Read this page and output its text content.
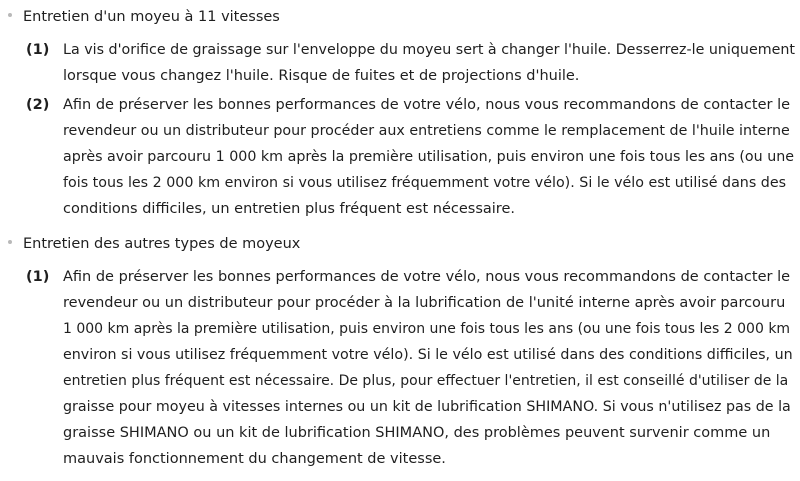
Entretien d'un moyeu à 11 vitesses
(1) La vis d'orifice de graissage sur l'enveloppe du moyeu sert à changer l'huile. Desserrez-le uniquement
lorsque vous changez l'huile. Risque de fuites et de projections d'huile.
(2) Afin de préserver les bonnes performances de votre vélo, nous vous recommandons de contacter le
revendeur ou un distributeur pour procéder aux entretiens comme le remplacement de l'huile interne
après avoir parcouru 1 000 km après la première utilisation, puis environ une fois tous les ans (ou une
fois tous les 2 000 km environ si vous utilisez fréquemment votre vélo). Si le vélo est utilisé dans des
conditions difficiles, un entretien plus fréquent est nécessaire.
Entretien des autres types de moyeux
(1) Afin de préserver les bonnes performances de votre vélo, nous vous recommandons de contacter le
revendeur ou un distributeur pour procéder à la lubrification de l'unité interne après avoir parcouru
1 000 km après la première utilisation, puis environ une fois tous les ans (ou une fois tous les 2 000 km
environ si vous utilisez fréquemment votre vélo). Si le vélo est utilisé dans des conditions difficiles, un
entretien plus fréquent est nécessaire. De plus, pour effectuer l'entretien, il est conseillé d'utiliser de la
graisse pour moyeu à vitesses internes ou un kit de lubrification SHIMANO. Si vous n'utilisez pas de la
graisse SHIMANO ou un kit de lubrification SHIMANO, des problèmes peuvent survenir comme un
mauvais fonctionnement du changement de vitesse.
